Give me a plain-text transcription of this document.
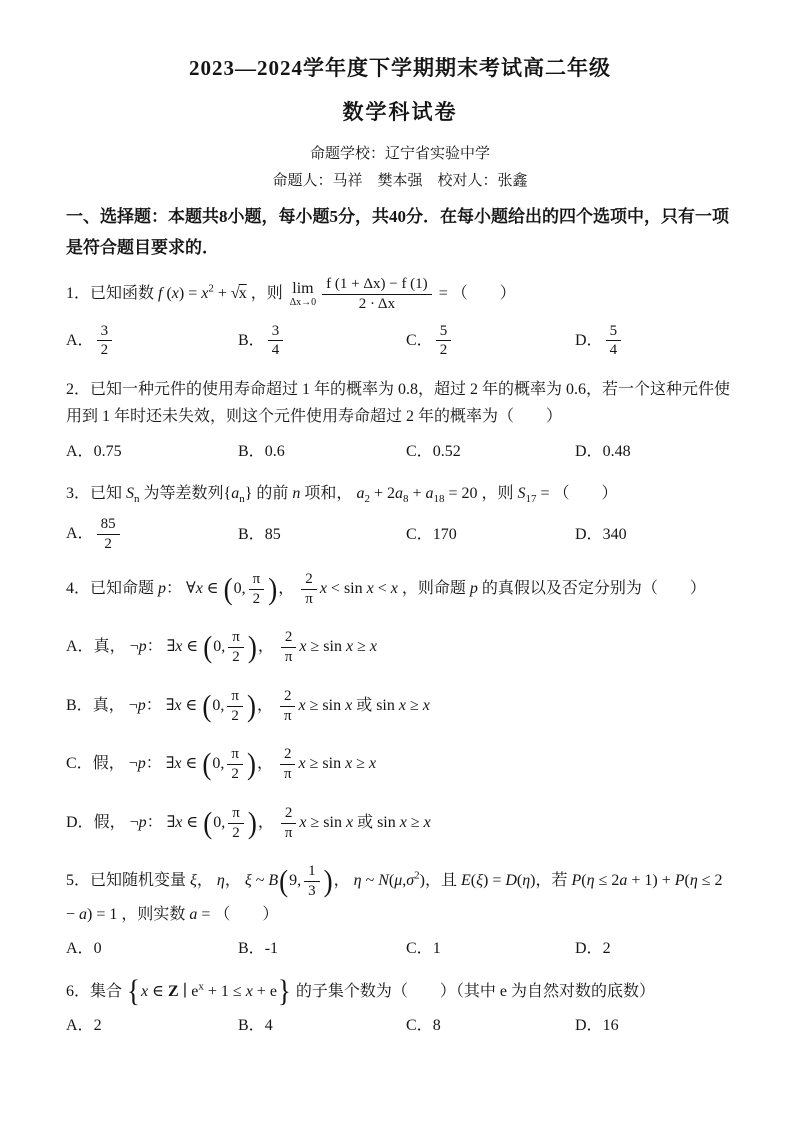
2023—2024学年度下学期期末考试高二年级
数学科试卷
命题学校：辽宁省实验中学
命题人：马祥　樊本强　校对人：张鑫

一、选择题：本题共8小题，每小题5分，共40分．在每小题给出的四个选项中，只有一项是符合题目要求的．

1．已知函数 f $(x) = x^2 + √x$ ，则 lim
$\Delta x\to 0 \frac{f (1 + \Delta x) - f (1)}{2 \cdot \Delta x}$ = （　　）
A． $\frac{3}{2}$	B． $\frac{3}{4}$	C． $\frac{5}{2}$	D． $\frac{5}{4}$
2．已知一种元件的使用寿命超过 1 年的概率为 0.8，超过 2 年的概率为 0.6，若一个这种元件使用到 1 年时还未失效，则这个元件使用寿命超过 2 年的概率为（　　）
A．0.75	B．0.6	C．0.52	D．0.48
3．已知 $S_n$ 为等差数列$\{a_n\}$ 的前 n 项和， $a_2 + 2a_8 + a_{18} = 20$ ，则 $S_{17}$ = （　　）
A． $\frac{85}{2}$	B．85	C．170	D．340
4．已知命题 p： ∀x ∈ (0, $\frac{\pi}{2}$ )， $\frac{2}{\pi}$ x < sin x < x ，则命题 p 的真假以及否定分别为（　　）
A．真， ¬p： ∃x ∈ (0, $\frac{\pi}{2}$ )， $\frac{2}{\pi}$ x ≥ sin x ≥ x
B．真， ¬p： ∃x ∈ (0, $\frac{\pi}{2}$ )， $\frac{2}{\pi}$ x ≥ sin x 或 sin x ≥ x
C．假， ¬p： ∃x ∈ (0, $\frac{\pi}{2}$ )， $\frac{2}{\pi}$ x ≥ sin x ≥ x
D．假， ¬p： ∃x ∈ (0, $\frac{\pi}{2}$ )， $\frac{2}{\pi}$ x ≥ sin x 或 sin x ≥ x
5．已知随机变量 ξ， η， ξ ~ B(9, $\frac{1}{3}$ )， η ~ $N(\mu,\sigma^2)$，且 E(ξ) = D(η)，若 P(η ≤ 2a + 1) + P(η ≤ 2 − a) = 1 ，则实数 a = （　　）
A．0	B．-1	C．1	D．2
6．集合 {x ∈ Z ∣ $e^x + 1 \le x + e$} 的子集个数为（　　）（其中 e 为自然对数的底数）
A．2	B．4	C．8	D．16
